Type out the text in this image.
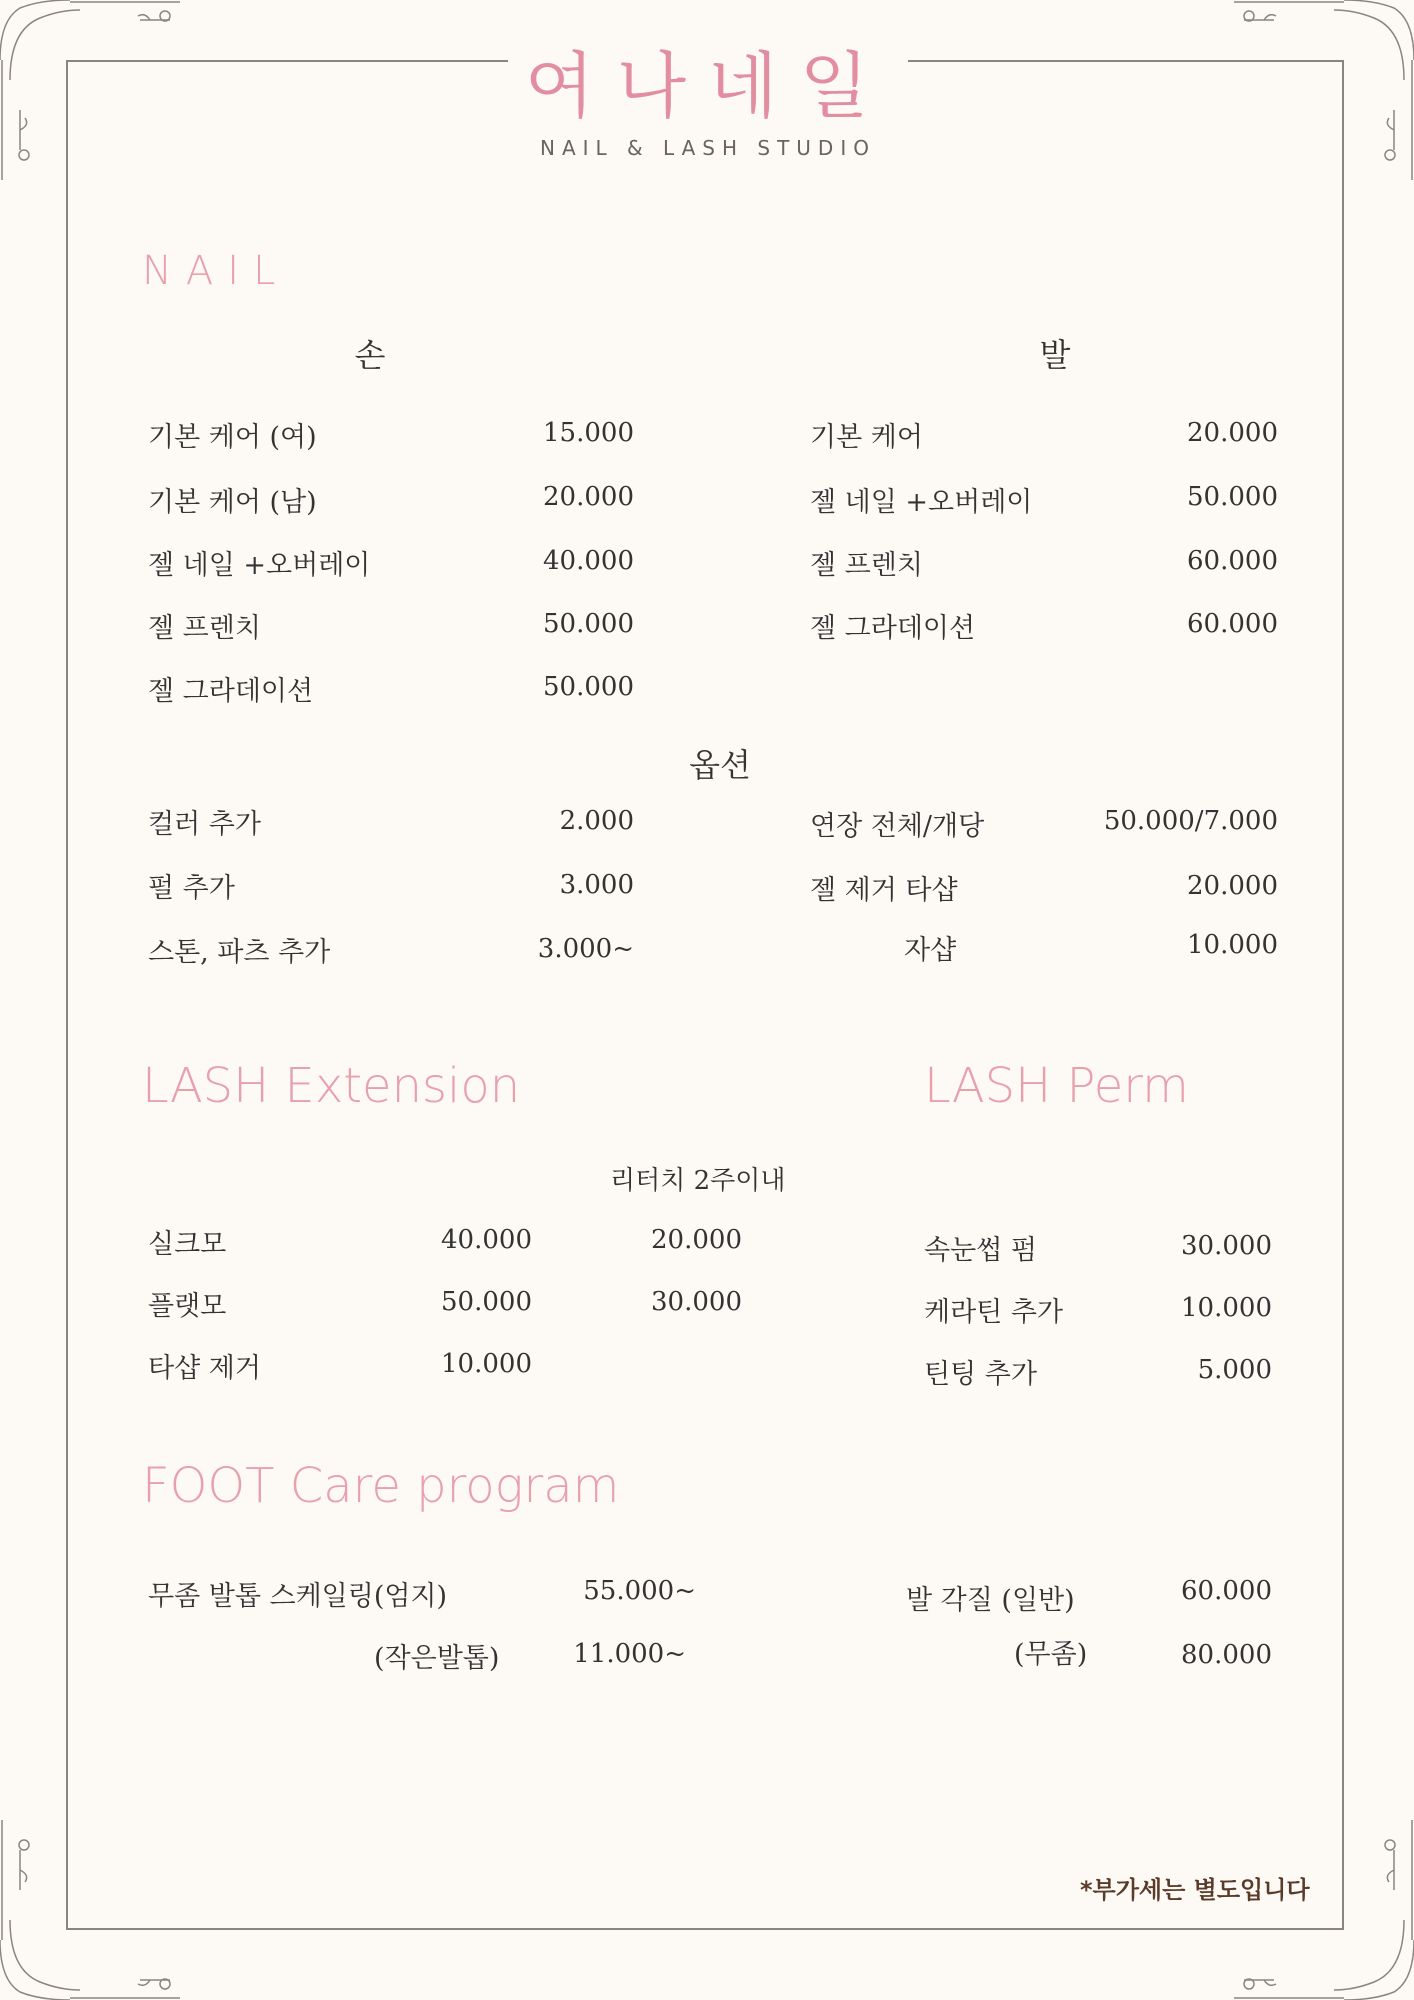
여나네일
NAIL & LASH STUDIO
NAIL
손	발
기본 케어 (여)	15.000
기본 케어 (남)	20.000
젤 네일 +오버레이	40.000
젤 프렌치	50.000
젤 그라데이션	50.000
기본 케어	20.000
젤 네일 +오버레이	50.000
젤 프렌치	60.000
젤 그라데이션	60.000
옵션
컬러 추가	2.000
펄 추가	3.000
스톤, 파츠 추가	3.000~
연장 전체/개당	50.000/7.000
젤 제거 타샵	20.000
자샵	10.000
LASH Extension
리터치 2주이내
실크모	40.000	20.000
플랫모	50.000	30.000
타샵 제거	10.000
LASH Perm
속눈썹 펌	30.000
케라틴 추가	10.000
틴팅 추가	5.000
FOOT Care program
무좀 발톱 스케일링(엄지)	55.000~
(작은발톱)	11.000~
발 각질 (일반)	60.000
(무좀)	80.000
*부가세는 별도입니다
